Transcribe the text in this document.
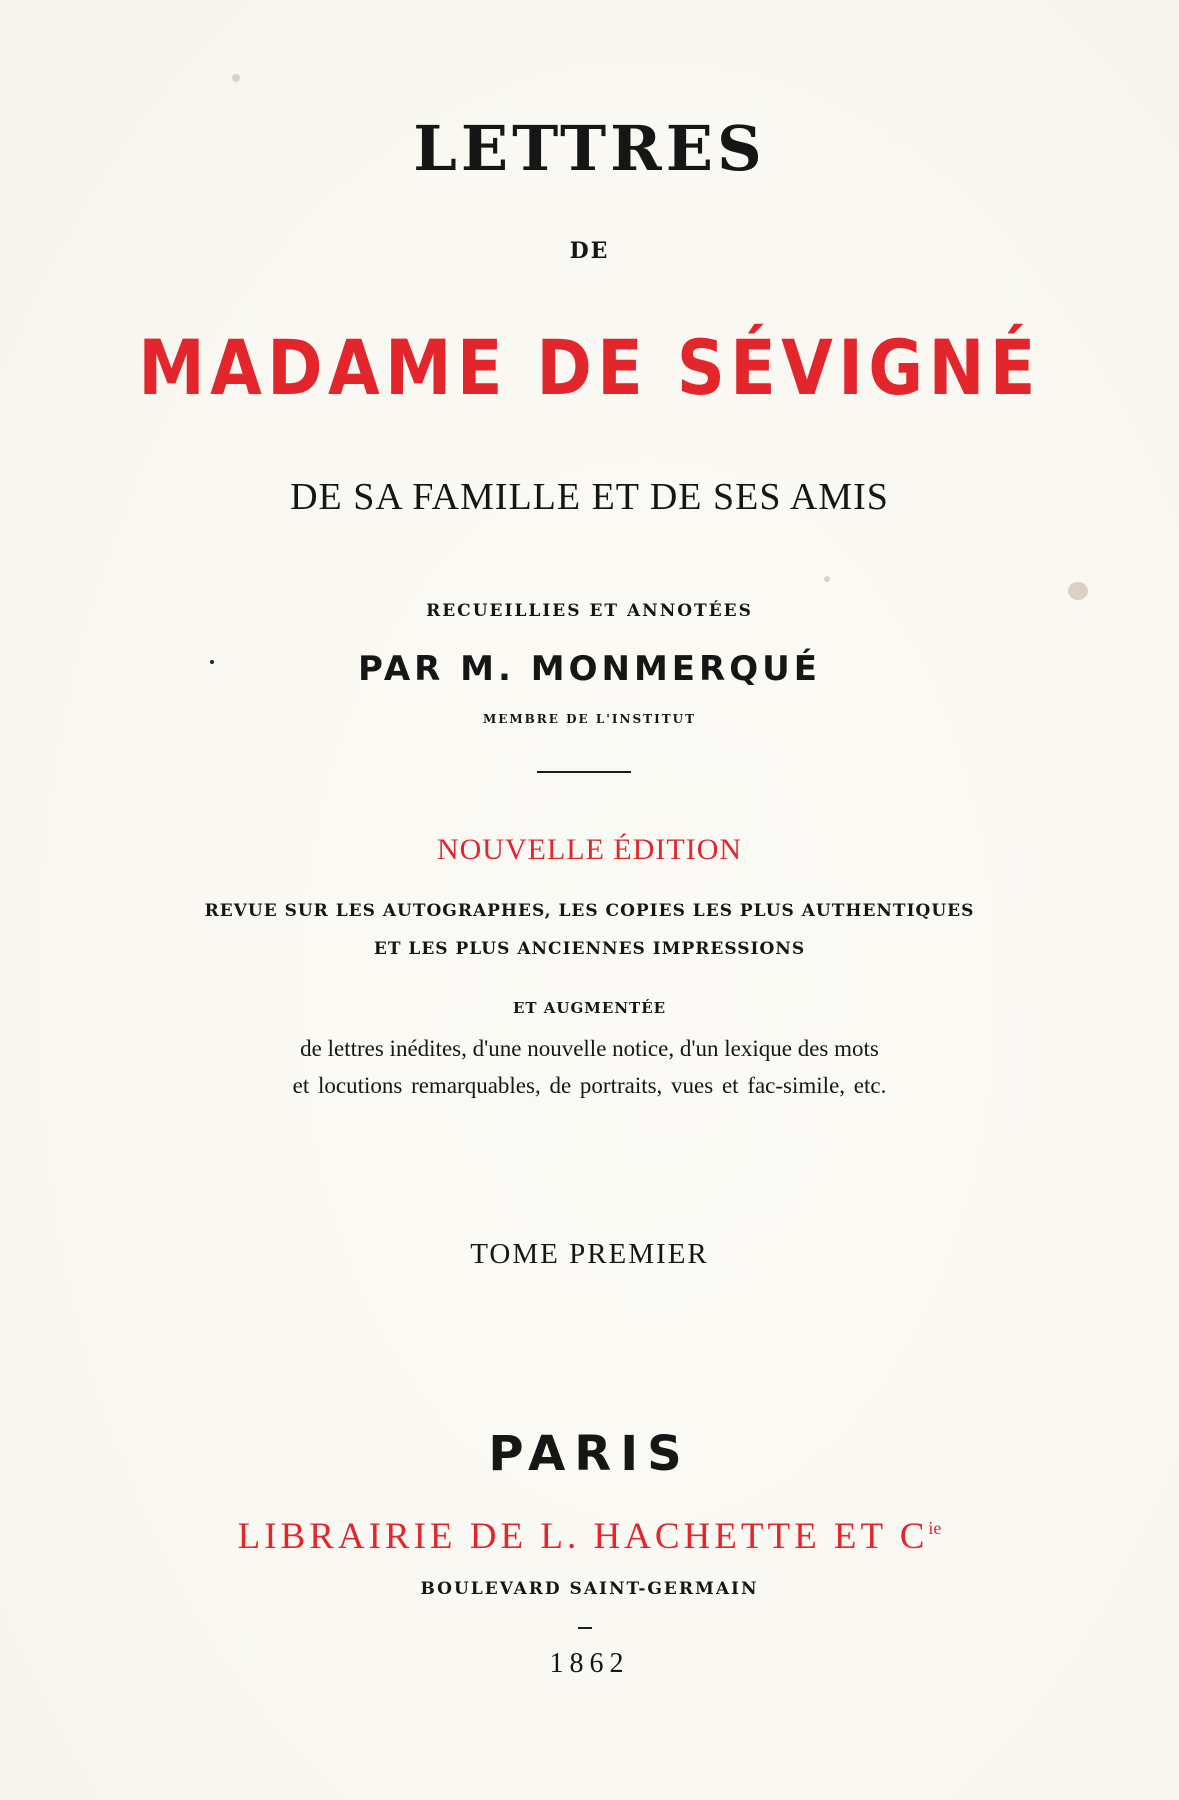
LETTRES
DE
MADAME DE SÉVIGNÉ
DE SA FAMILLE ET DE SES AMIS
RECUEILLIES ET ANNOTÉES
PAR M. MONMERQUÉ
MEMBRE DE L'INSTITUT
NOUVELLE ÉDITION
REVUE SUR LES AUTOGRAPHES, LES COPIES LES PLUS AUTHENTIQUES
ET LES PLUS ANCIENNES IMPRESSIONS
ET AUGMENTÉE
de lettres inédites, d'une nouvelle notice, d'un lexique des mots
et locutions remarquables, de portraits, vues et fac-simile, etc.
TOME PREMIER
PARIS
LIBRAIRIE DE L. HACHETTE ET $C^{ie}$
BOULEVARD SAINT-GERMAIN
1862
